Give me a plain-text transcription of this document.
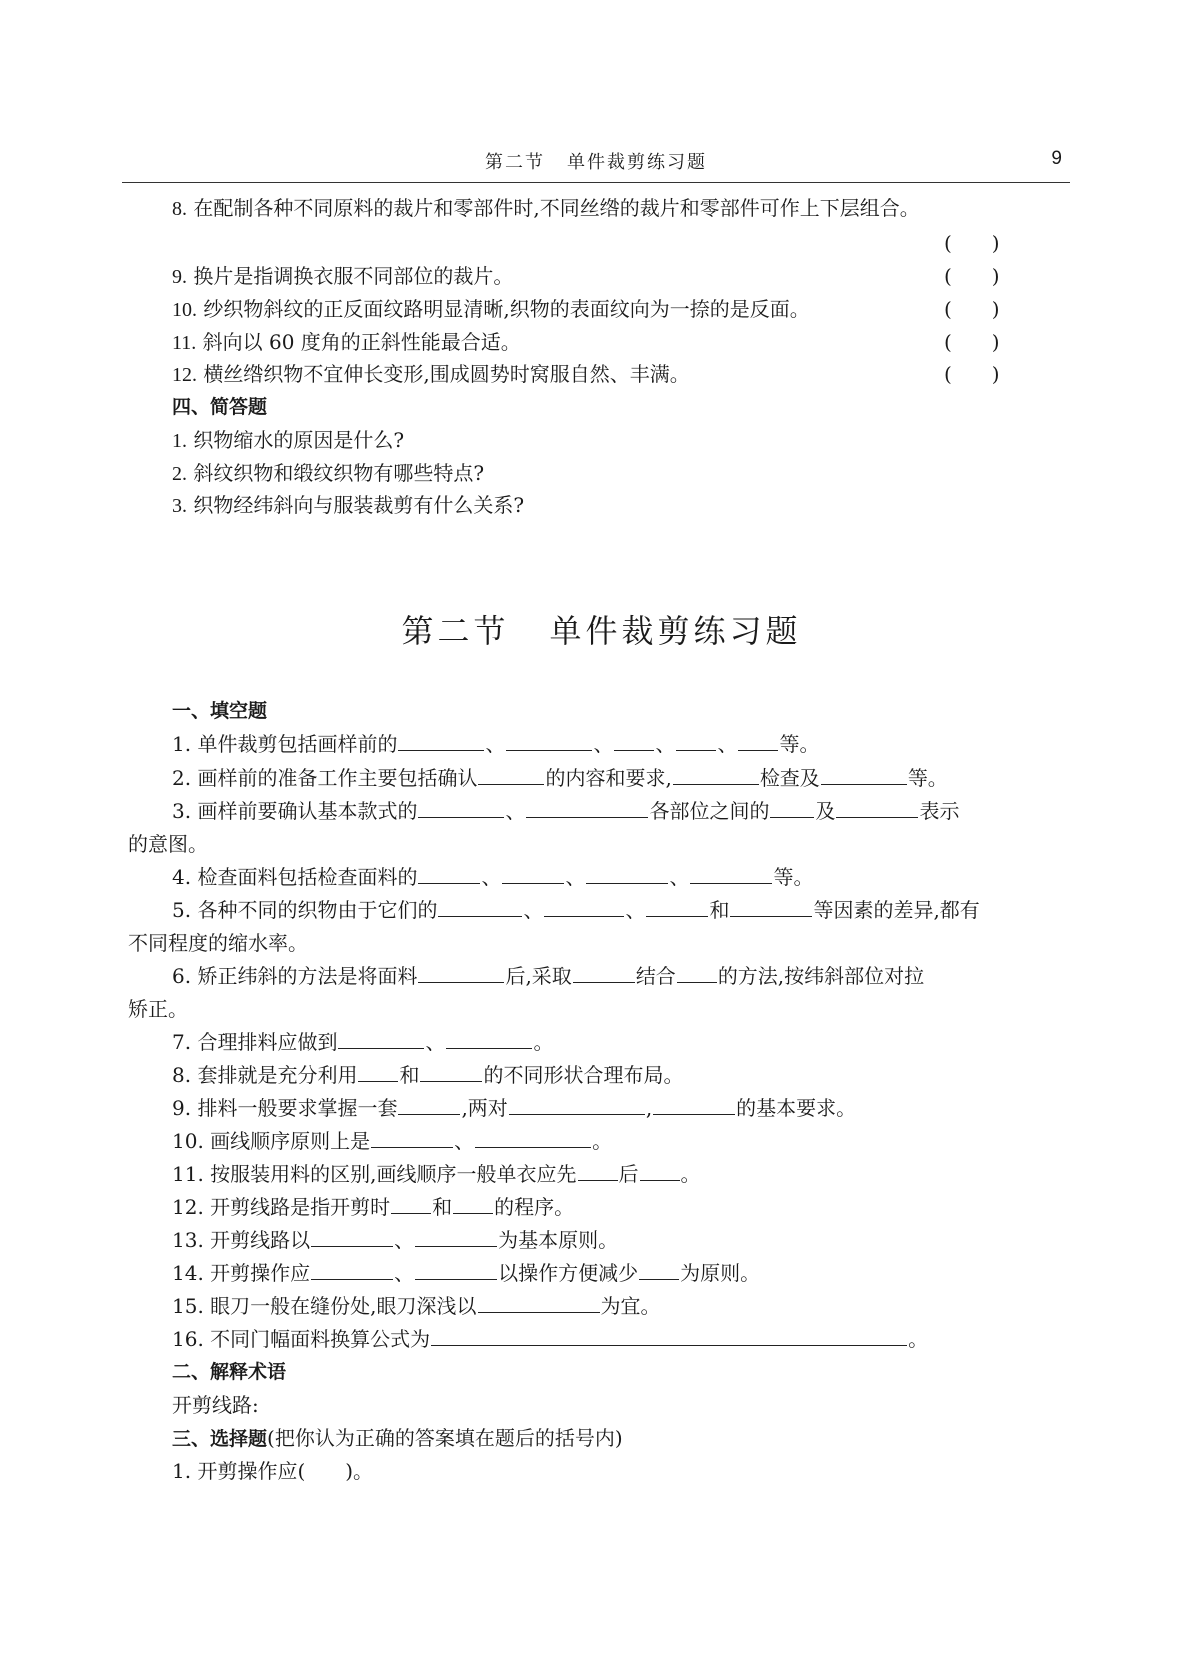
第二节 单件裁剪练习题	9
8. 在配制各种不同原料的裁片和零部件时,不同丝绺的裁片和零部件可作上下层组合。
(　　)
9. 换片是指调换衣服不同部位的裁片。	(　　)
10. 纱织物斜纹的正反面纹路明显清晰,织物的表面纹向为一捺的是反面。	(　　)
11. 斜向以 60 度角的正斜性能最合适。	(　　)
12. 横丝绺织物不宜伸长变形,围成圆势时窝服自然、丰满。	(　　)
四、简答题
1. 织物缩水的原因是什么?
2. 斜纹织物和缎纹织物有哪些特点?
3. 织物经纬斜向与服装裁剪有什么关系?
第二节 单件裁剪练习题
一、填空题
1. 单件裁剪包括画样前的	、	、 、 、 等。
2. 画样前的准备工作主要包括确认	的内容和要求,	检查及	等。
3. 画样前要确认基本款式的	、	各部位之间的 及	表示
的意图。
4. 检查面料包括检查面料的	、	、	、	等。
5. 各种不同的织物由于它们的	、	、	和	等因素的差异,都有
不同程度的缩水率。
6. 矫正纬斜的方法是将面料	后,采取	结合 的方法,按纬斜部位对拉
矫正。
7. 合理排料应做到	、	。
8. 套排就是充分利用 和	的不同形状合理布局。
9. 排料一般要求掌握一套	,两对	,	的基本要求。
10. 画线顺序原则上是	、	。
11. 按服装用料的区别,画线顺序一般单衣应先 后 。
12. 开剪线路是指开剪时 和 的程序。
13. 开剪线路以	、	为基本原则。
14. 开剪操作应	、	以操作方便减少 为原则。
15. 眼刀一般在缝份处,眼刀深浅以	为宜。
16. 不同门幅面料换算公式为	。
二、解释术语
开剪线路:
三、选择题(把你认为正确的答案填在题后的括号内)
1. 开剪操作应( )。
